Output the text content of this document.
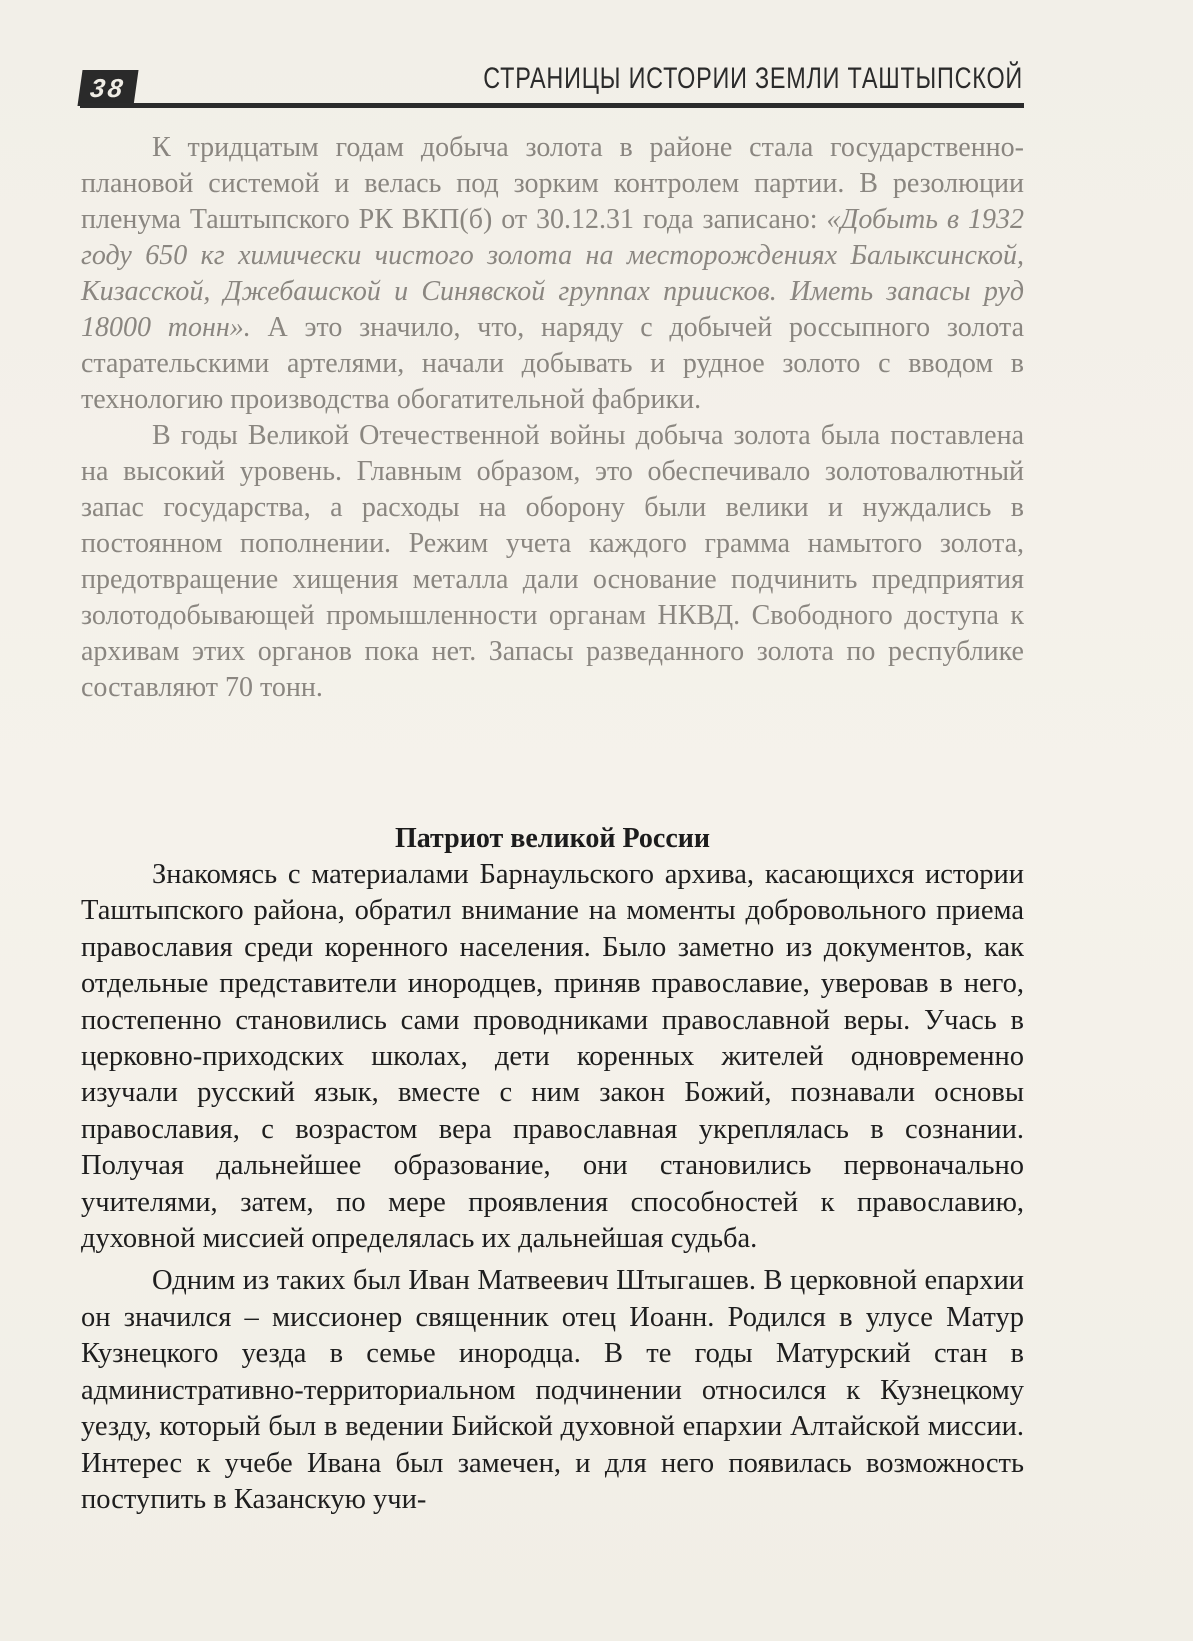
38	СТРАНИЦЫ ИСТОРИИ ЗЕМЛИ ТАШТЫПСКОЙ

К тридцатым годам добыча золота в районе стала государственно-плановой системой и велась под зорким контролем партии. В резолюции пленума Таштыпского РК ВКП(б) от 30.12.31 года записано: «Добыть в 1932 году 650 кг химически чистого золота на месторождениях Балыксинской, Кизасской, Джебашской и Синявской группах приисков. Иметь запасы руд 18000 тонн». А это значило, что, наряду с добычей россыпного золота старательскими артелями, начали добывать и рудное золото с вводом в технологию производства обогатительной фабрики.

В годы Великой Отечественной войны добыча золота была поставлена на высокий уровень. Главным образом, это обеспечивало золотовалютный запас государства, а расходы на оборону были велики и нуждались в постоянном пополнении. Режим учета каждого грамма намытого золота, предотвращение хищения металла дали основание подчинить предприятия золотодобывающей промышленности органам НКВД. Свободного доступа к архивам этих органов пока нет. Запасы разведанного золота по республике составляют 70 тонн.

Патриот великой России

Знакомясь с материалами Барнаульского архива, касающихся истории Таштыпского района, обратил внимание на моменты добровольного приема православия среди коренного населения. Было заметно из документов, как отдельные представители инородцев, приняв православие, уверовав в него, постепенно становились сами проводниками православной веры. Учась в церковно-приходских школах, дети коренных жителей одновременно изучали русский язык, вместе с ним закон Божий, познавали основы православия, с возрастом вера православная укреплялась в сознании. Получая дальнейшее образование, они становились первоначально учителями, затем, по мере проявления способностей к православию, духовной миссией определялась их дальнейшая судьба.

Одним из таких был Иван Матвеевич Штыгашев. В церковной епархии он значился – миссионер священник отец Иоанн. Родился в улусе Матур Кузнецкого уезда в семье инородца. В те годы Матурский стан в административно-территориальном подчинении относился к Кузнецкому уезду, который был в ведении Бийской духовной епархии Алтайской миссии. Интерес к учебе Ивана был замечен, и для него появилась возможность поступить в Казанскую учи-
